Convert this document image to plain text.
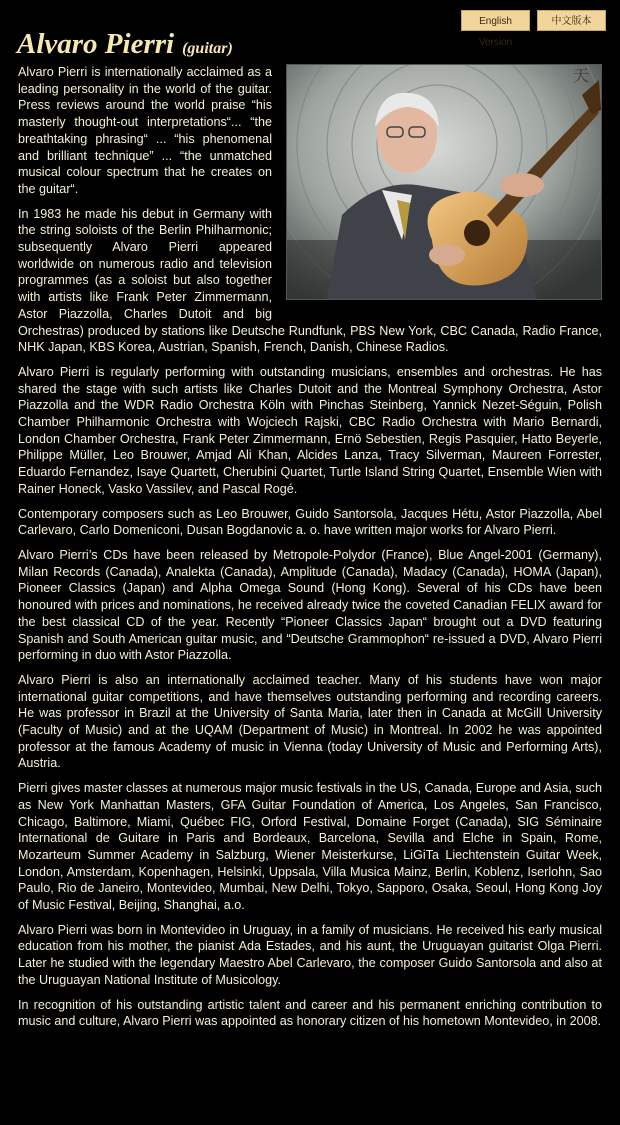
English Version
中文版本
Alvaro Pierri (guitar)
天

Alvaro Pierri is internationally acclaimed as a leading personality in the world of the guitar. Press reviews around the world praise “his masterly thought-out interpretations“... “the breathtaking phrasing“ ... “his phenomenal and brilliant technique” ... “the unmatched musical colour spectrum that he creates on the guitar“.

In 1983 he made his debut in Germany with the string soloists of the Berlin Philharmonic; subsequently Alvaro Pierri appeared worldwide on numerous radio and television programmes (as a soloist but also together with artists like Frank Peter Zimmermann, Astor Piazzolla, Charles Dutoit and big Orchestras) produced by stations like Deutsche Rundfunk, PBS New York, CBC Canada, Radio France, NHK Japan, KBS Korea, Austrian, Spanish, French, Danish, Chinese Radios.

Alvaro Pierri is regularly performing with outstanding musicians, ensembles and orchestras. He has shared the stage with such artists like Charles Dutoit and the Montreal Symphony Orchestra, Astor Piazzolla and the WDR Radio Orchestra Köln with Pinchas Steinberg, Yannick Nezet-Séguin, Polish Chamber Philharmonic Orchestra with Wojciech Rajski, CBC Radio Orchestra with Mario Bernardi, London Chamber Orchestra, Frank Peter Zimmermann, Ernö Sebestien, Regis Pasquier, Hatto Beyerle, Philippe Müller, Leo Brouwer, Amjad Ali Khan, Alcides Lanza, Tracy Silverman, Maureen Forrester, Eduardo Fernandez, Isaye Quartett, Cherubini Quartet, Turtle Island String Quartet, Ensemble Wien with Rainer Honeck, Vasko Vassilev, and Pascal Rogé.

Contemporary composers such as Leo Brouwer, Guido Santorsola, Jacques Hétu, Astor Piazzolla, Abel Carlevaro, Carlo Domeniconi, Dusan Bogdanovic a. o. have written major works for Alvaro Pierri.

Alvaro Pierri’s CDs have been released by Metropole-Polydor (France), Blue Angel-2001 (Germany), Milan Records (Canada), Analekta (Canada), Amplitude (Canada), Madacy (Canada), HOMA (Japan), Pioneer Classics (Japan) and Alpha Omega Sound (Hong Kong). Several of his CDs have been honoured with prices and nominations, he received already twice the coveted Canadian FELIX award for the best classical CD of the year. Recently “Pioneer Classics Japan“ brought out a DVD featuring Spanish and South American guitar music, and “Deutsche Grammophon“ re-issued a DVD, Alvaro Pierri performing in duo with Astor Piazzolla.

Alvaro Pierri is also an internationally acclaimed teacher. Many of his students have won major international guitar competitions, and have themselves outstanding performing and recording careers. He was professor in Brazil at the University of Santa Maria, later then in Canada at McGill University (Faculty of Music) and at the UQAM (Department of Music) in Montreal. In 2002 he was appointed professor at the famous Academy of music in Vienna (today University of Music and Performing Arts), Austria.

Pierri gives master classes at numerous major music festivals in the US, Canada, Europe and Asia, such as New York Manhattan Masters, GFA Guitar Foundation of America, Los Angeles, San Francisco, Chicago, Baltimore, Miami, Québec FIG, Orford Festival, Domaine Forget (Canada), SIG Séminaire International de Guitare in Paris and Bordeaux, Barcelona, Sevilla and Elche in Spain, Rome, Mozarteum Summer Academy in Salzburg, Wiener Meisterkurse, LiGiTa Liechtenstein Guitar Week, London, Amsterdam, Kopenhagen, Helsinki, Uppsala, Villa Musica Mainz, Berlin, Koblenz, Iserlohn, Sao Paulo, Rio de Janeiro, Montevideo, Mumbai, New Delhi, Tokyo, Sapporo, Osaka, Seoul, Hong Kong Joy of Music Festival, Beijing, Shanghai, a.o.

Alvaro Pierri was born in Montevideo in Uruguay, in a family of musicians. He received his early musical education from his mother, the pianist Ada Estades, and his aunt, the Uruguayan guitarist Olga Pierri. Later he studied with the legendary Maestro Abel Carlevaro, the composer Guido Santorsola and also at the Uruguayan National Institute of Musicology.

In recognition of his outstanding artistic talent and career and his permanent enriching contribution to music and culture, Alvaro Pierri was appointed as honorary citizen of his hometown Montevideo, in 2008.
